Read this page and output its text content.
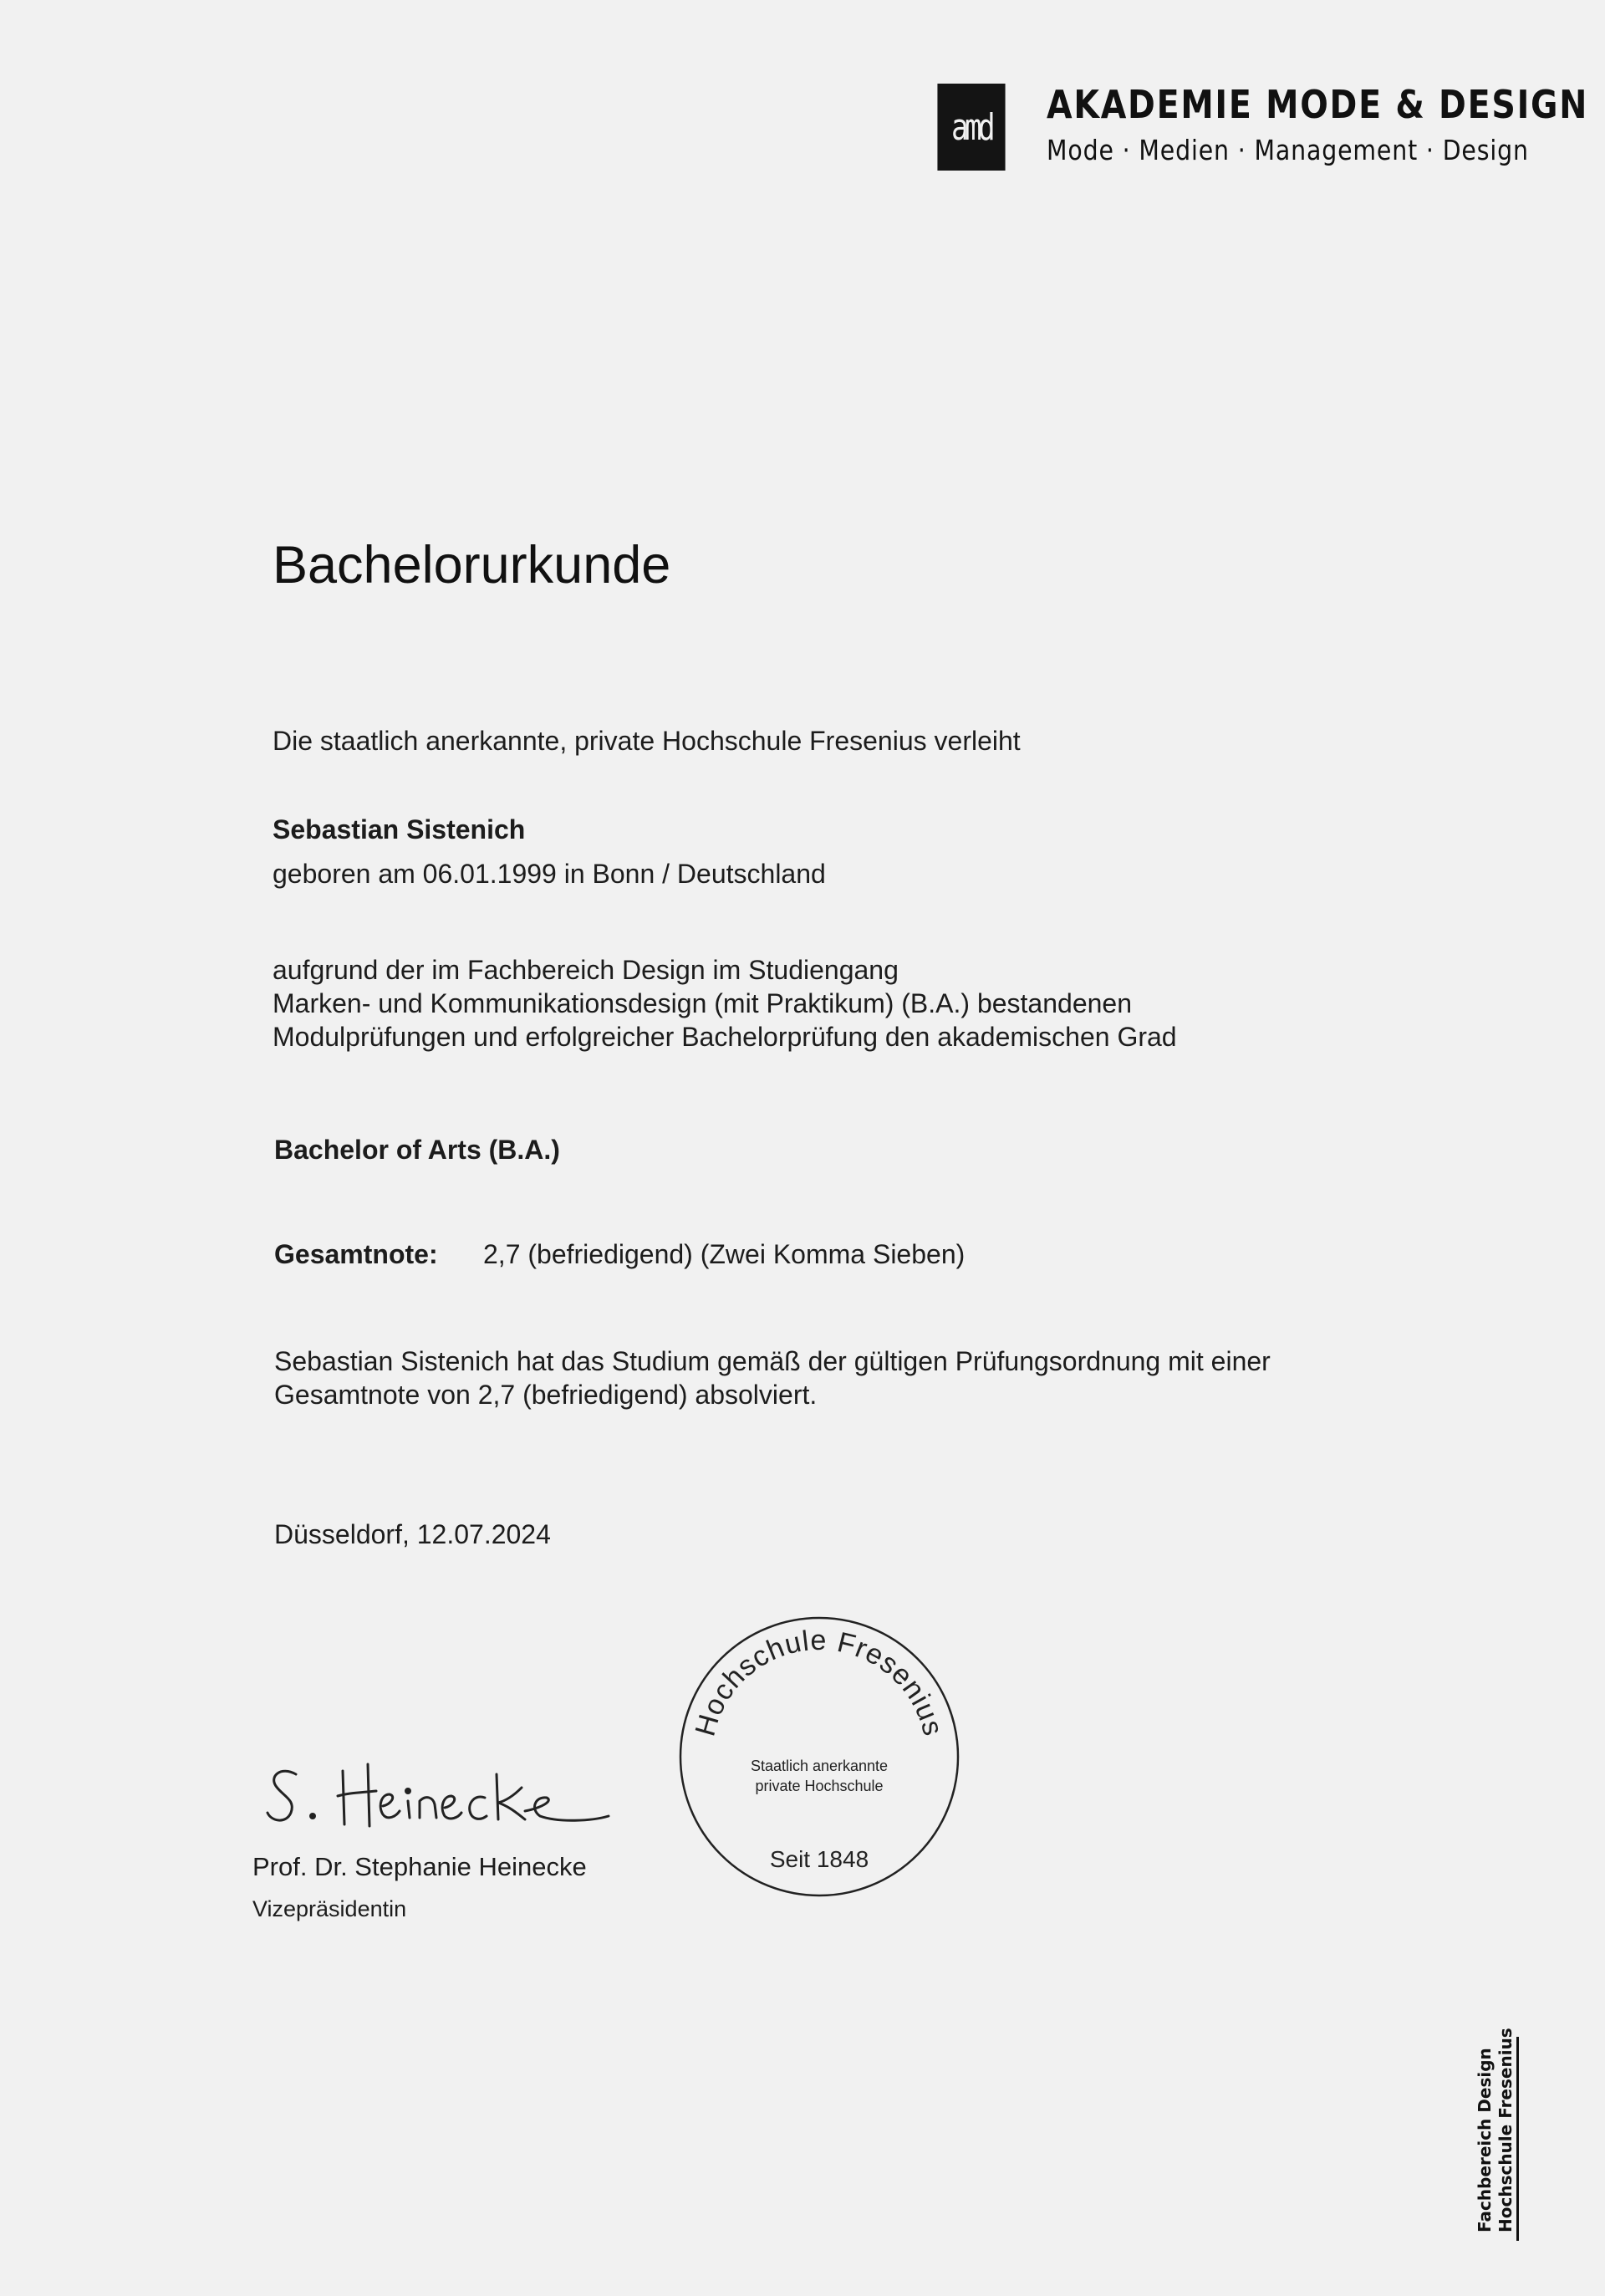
amd AKADEMIE MODE & DESIGN
Mode · Medien · Management · Design
Bachelorurkunde
Die staatlich anerkannte, private Hochschule Fresenius verleiht
Sebastian Sistenich
geboren am 06.01.1999 in Bonn / Deutschland
aufgrund der im Fachbereich Design im Studiengang
Marken- und Kommunikationsdesign (mit Praktikum) (B.A.) bestandenen
Modulprüfungen und erfolgreicher Bachelorprüfung den akademischen Grad
Bachelor of Arts (B.A.)
Gesamtnote: 2,7 (befriedigend) (Zwei Komma Sieben)
Sebastian Sistenich hat das Studium gemäß der gültigen Prüfungsordnung mit einer
Gesamtnote von 2,7 (befriedigend) absolviert.
Düsseldorf, 12.07.2024
Prof. Dr. Stephanie Heinecke
Vizepräsidentin
Hochschule Fresenius
Staatlich anerkannte
private Hochschule
Seit 1848
Fachbereich Design Hochschule Fresenius
